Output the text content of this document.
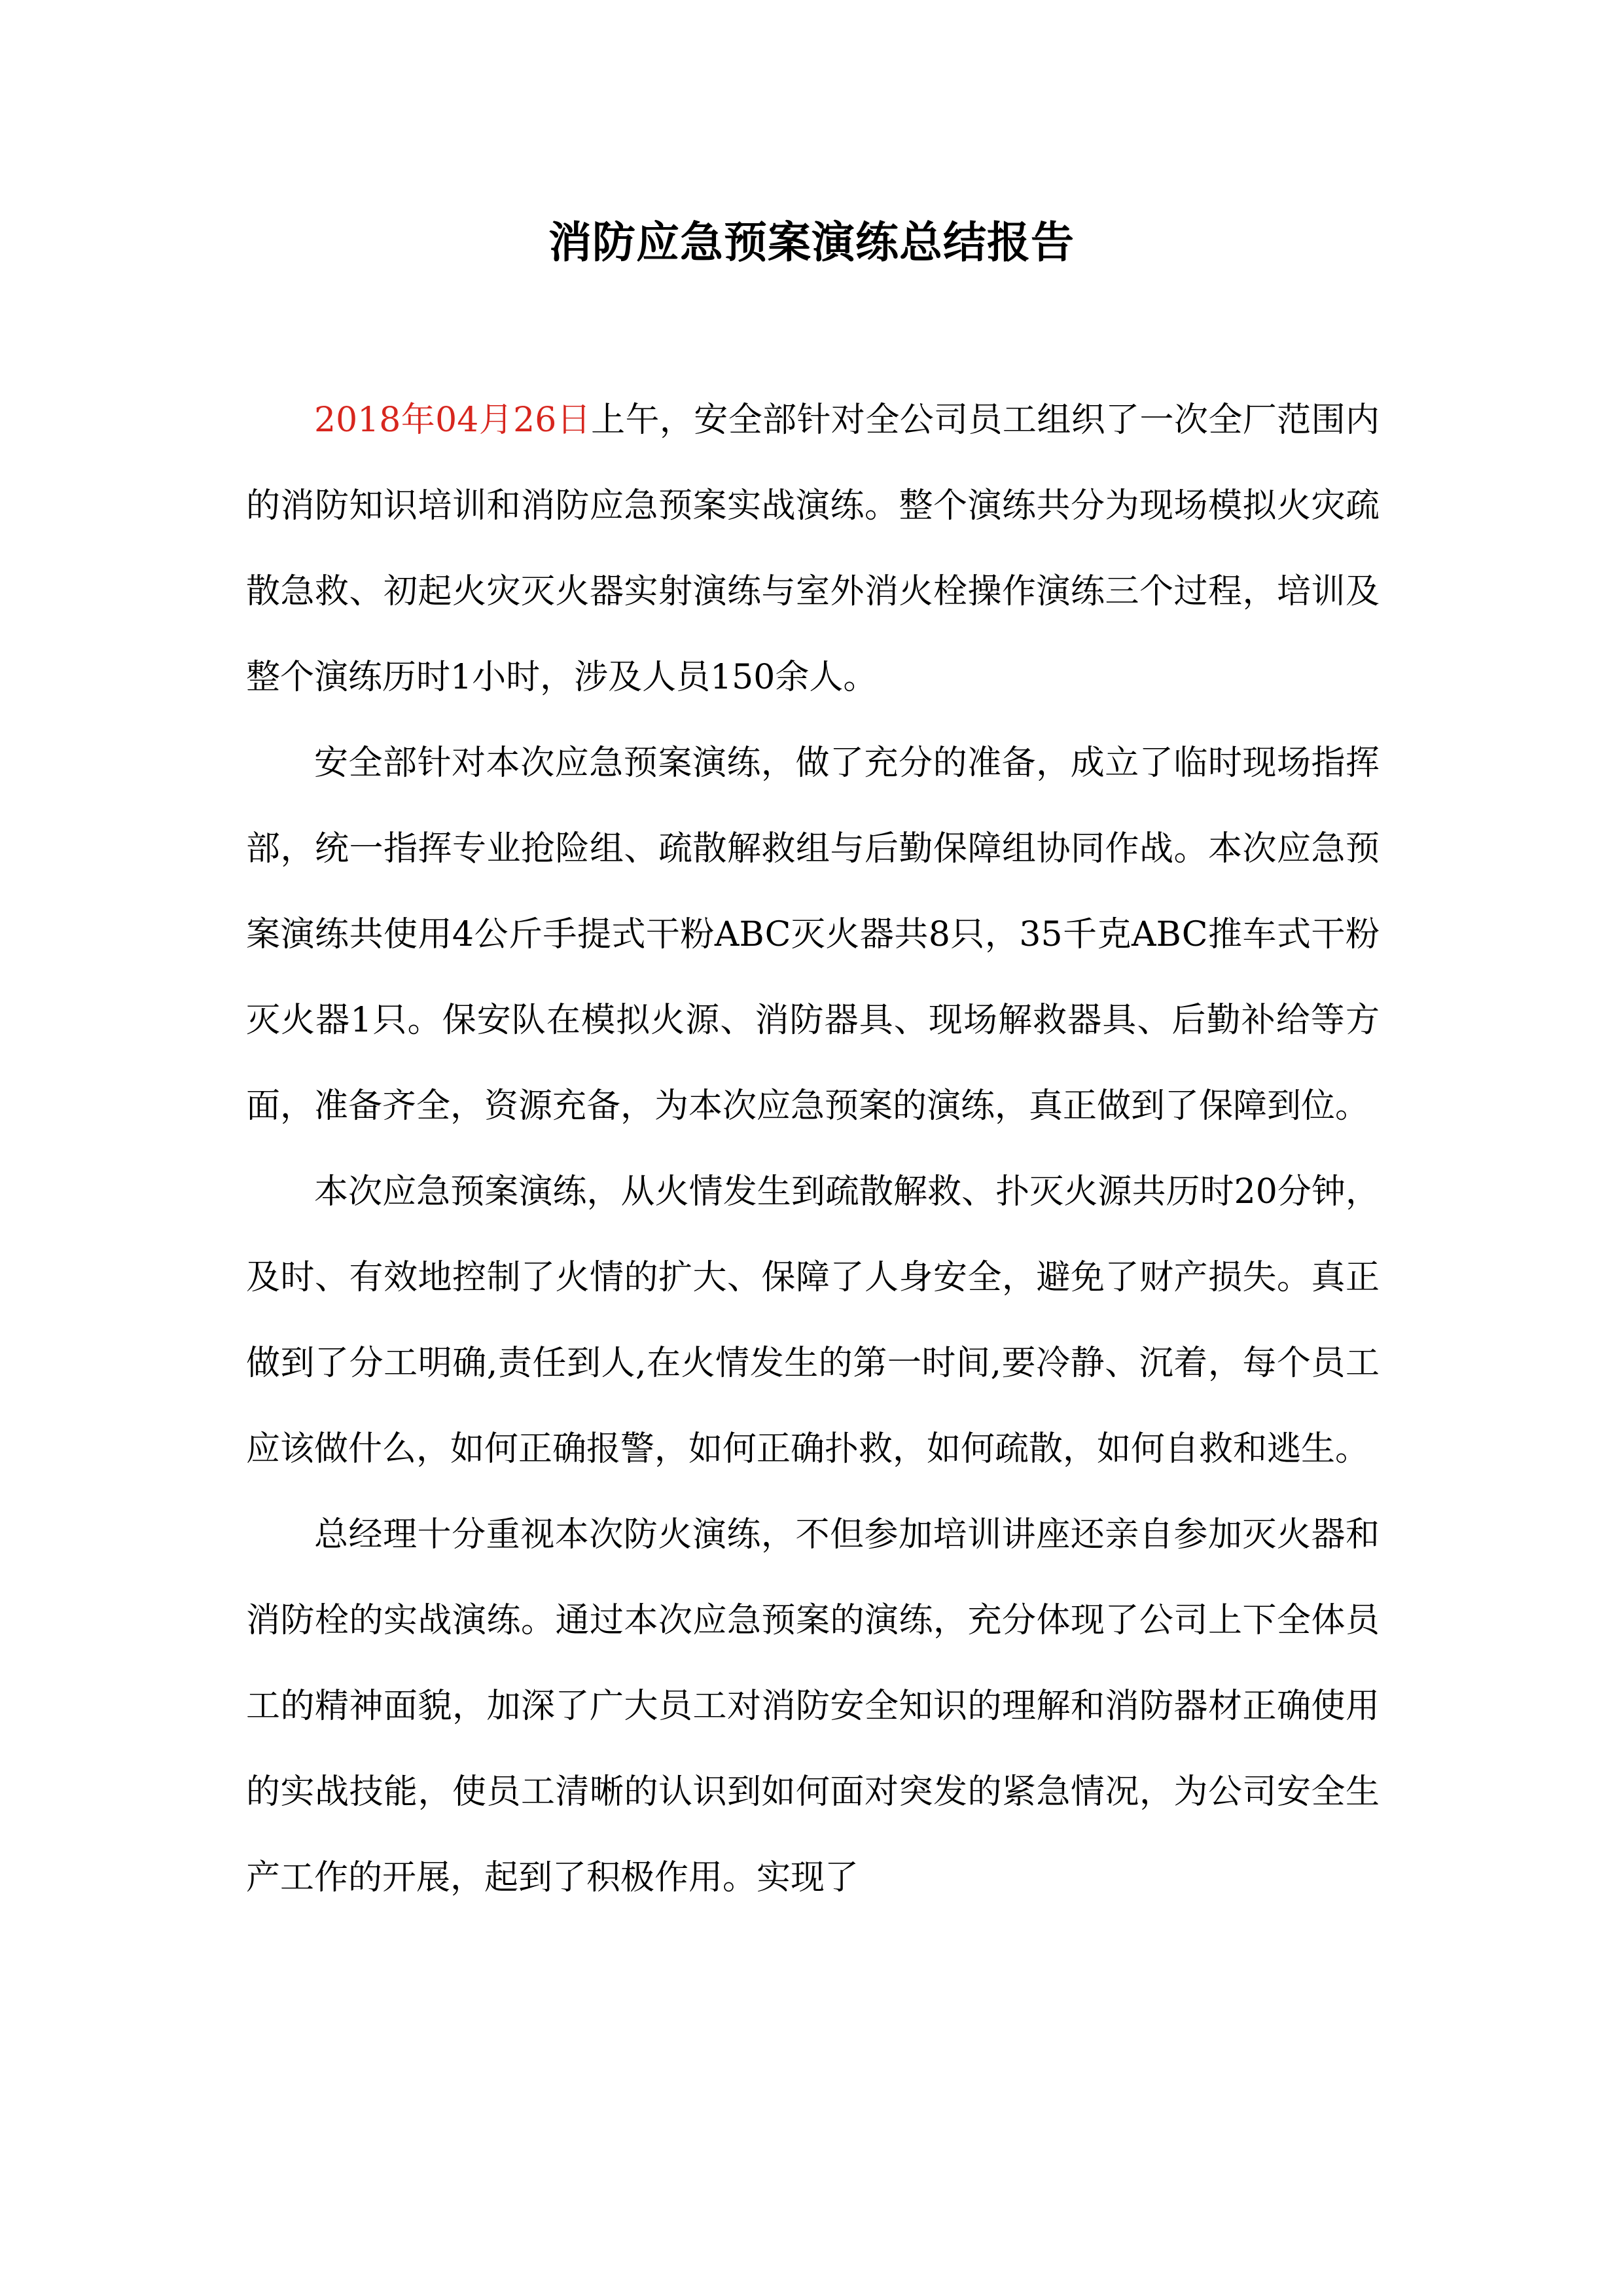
消防应急预案演练总结报告

2018年04月26日上午，安全部针对全公司员工组织了一次全厂范围内的消防知识培训和消防应急预案实战演练。整个演练共分为现场模拟火灾疏散急救、初起火灾灭火器实射演练与室外消火栓操作演练三个过程，培训及整个演练历时1小时，涉及人员150余人。

安全部针对本次应急预案演练，做了充分的准备，成立了临时现场指挥部，统一指挥专业抢险组、疏散解救组与后勤保障组协同作战。本次应急预案演练共使用4公斤手提式干粉ABC灭火器共8只，35千克ABC推车式干粉灭火器1只。保安队在模拟火源、消防器具、现场解救器具、后勤补给等方面，准备齐全，资源充备，为本次应急预案的演练，真正做到了保障到位。

本次应急预案演练，从火情发生到疏散解救、扑灭火源共历时20分钟，及时、有效地控制了火情的扩大、保障了人身安全，避免了财产损失。真正做到了分工明确,责任到人,在火情发生的第一时间,要冷静、沉着，每个员工应该做什么，如何正确报警，如何正确扑救，如何疏散，如何自救和逃生。

总经理十分重视本次防火演练，不但参加培训讲座还亲自参加灭火器和消防栓的实战演练。通过本次应急预案的演练，充分体现了公司上下全体员工的精神面貌，加深了广大员工对消防安全知识的理解和消防器材正确使用的实战技能，使员工清晰的认识到如何面对突发的紧急情况，为公司安全生产工作的开展，起到了积极作用。实现了
